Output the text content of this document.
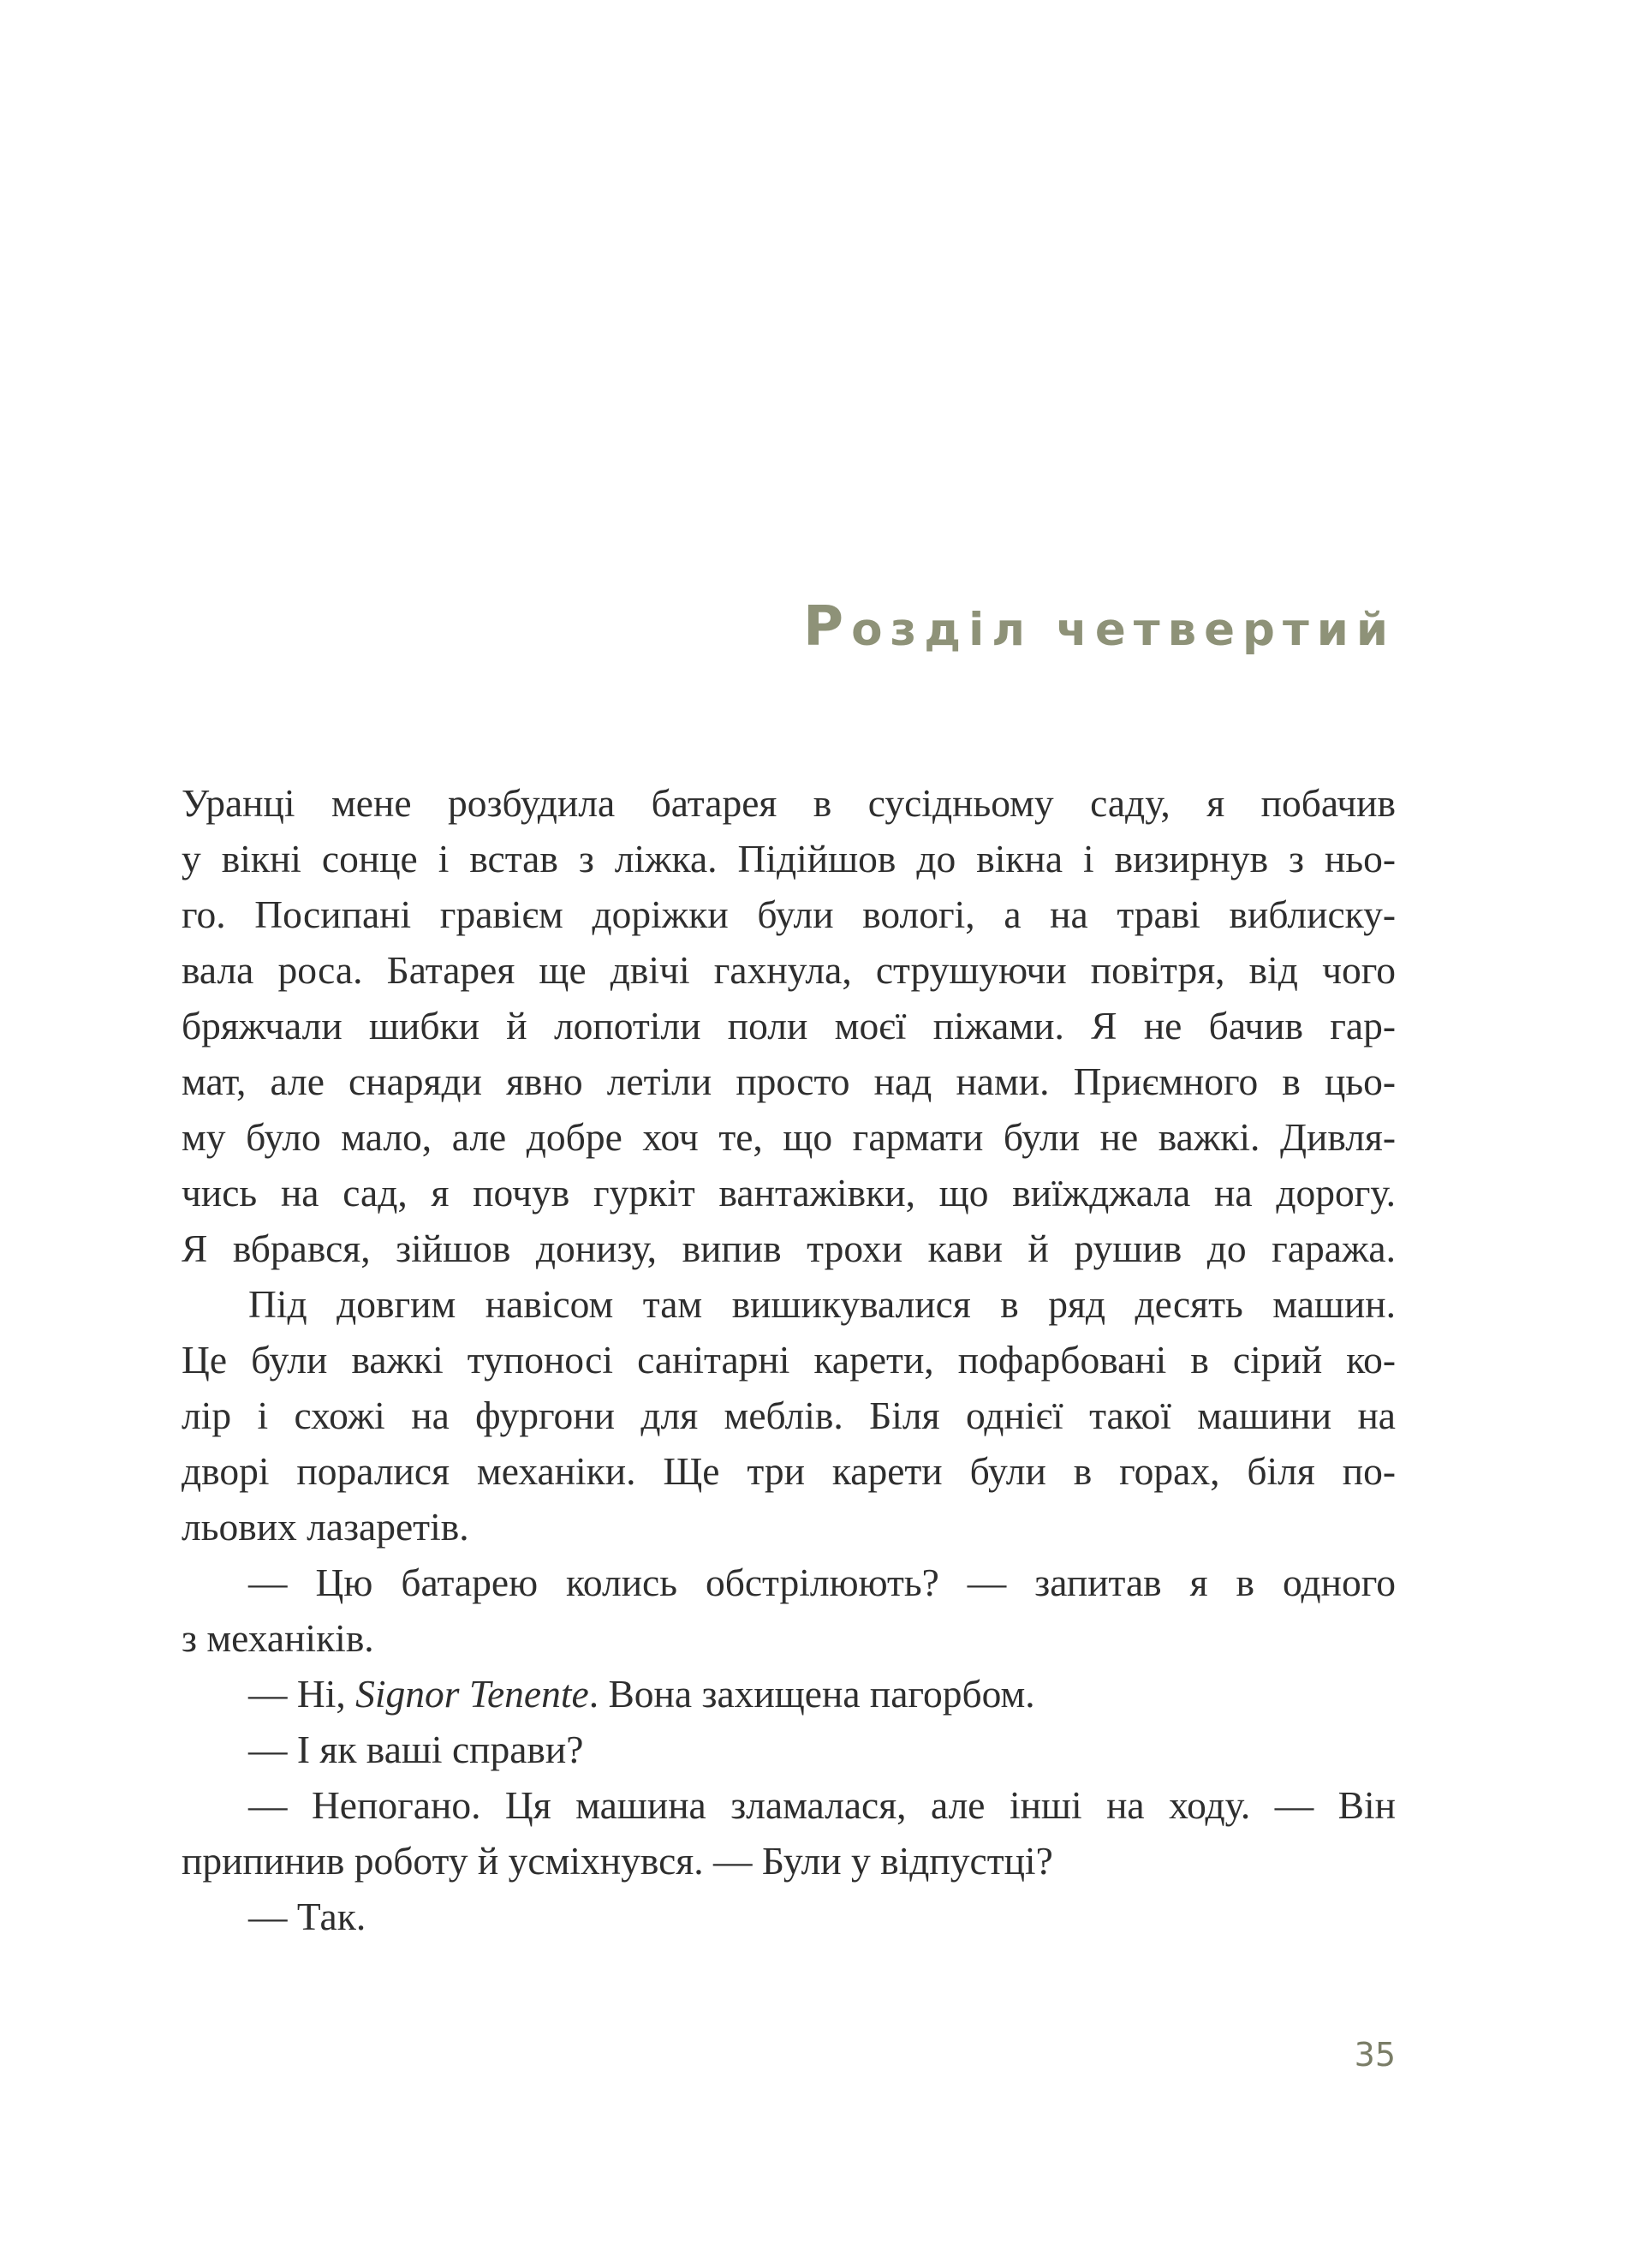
Розділ четвертий
Уранці мене розбудила батарея в сусідньому саду, я побачив
у вікні сонце і встав з ліжка. Підійшов до вікна і визирнув з ньо-
го. Посипані гравієм доріжки були вологі, а на траві виблиску-
вала роса. Батарея ще двічі гахнула, струшуючи повітря, від чого
бряжчали шибки й лопотіли поли моєї піжами. Я не бачив гар-
мат, але снаряди явно летіли просто над нами. Приємного в цьо-
му було мало, але добре хоч те, що гармати були не важкі. Дивля-
чись на сад, я почув гуркіт вантажівки, що виїжджала на дорогу.
Я вбрався, зійшов донизу, випив трохи кави й рушив до гаража.
Під довгим навісом там вишикувалися в ряд десять машин.
Це були важкі тупоносі санітарні карети, пофарбовані в сірий ко-
лір і схожі на фургони для меблів. Біля однієї такої машини на
дворі поралися механіки. Ще три карети були в горах, біля по-
льових лазаретів.
— Цю батарею колись обстрілюють? — запитав я в одного
з механіків.
— Ні, Signor Tenente. Вона захищена пагорбом.
— І як ваші справи?
— Непогано. Ця машина зламалася, але інші на ходу. — Він
припинив роботу й усміхнувся. — Були у відпустці?
— Так.
35
